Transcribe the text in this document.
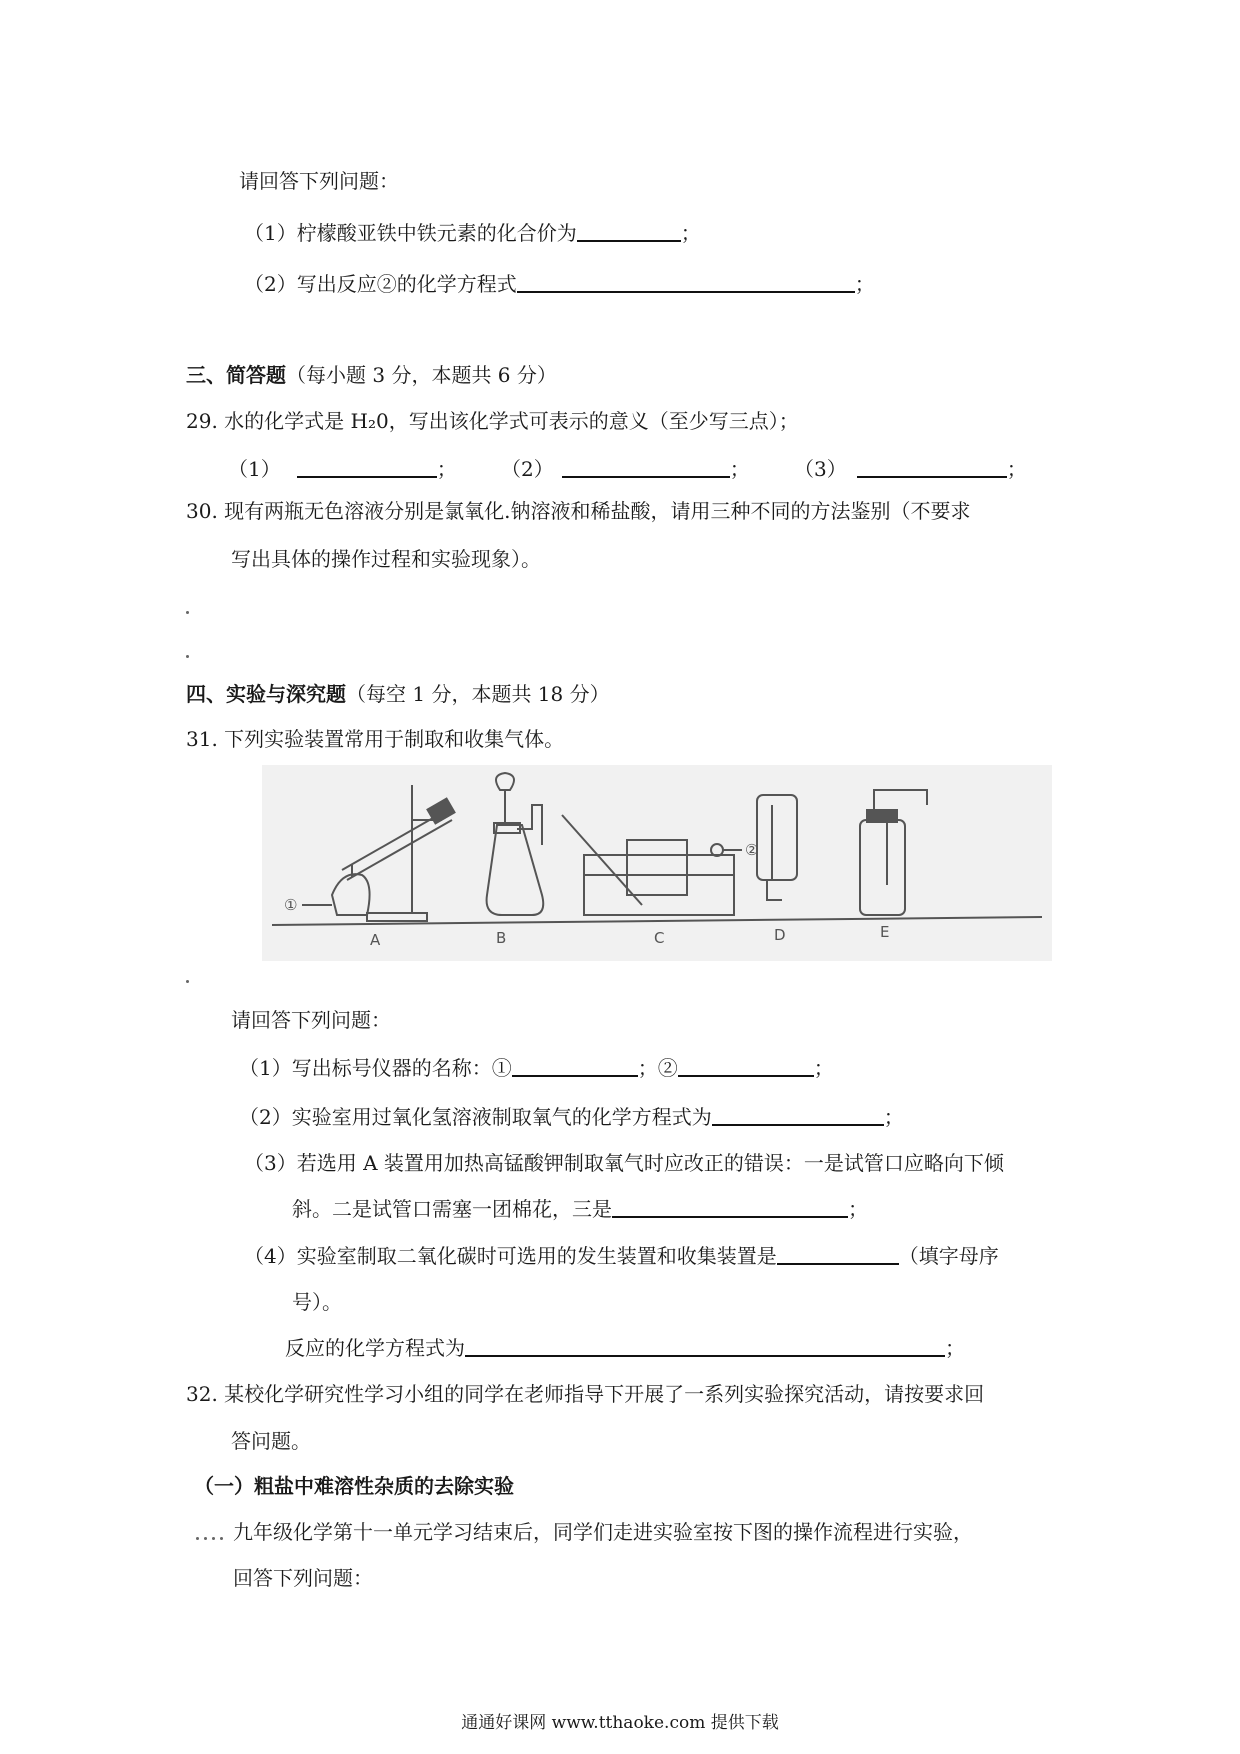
请回答下列问题：
（1）柠檬酸亚铁中铁元素的化合价为	；
（2）写出反应②的化学方程式	；
三、简答题（每小题 3 分，本题共 6 分）
29. 水的化学式是 H₂0，写出该化学式可表示的意义（至少写三点）；
（1）	； （2）	； （3）	；
30. 现有两瓶无色溶液分别是氯氧化.钠溶液和稀盐酸，请用三种不同的方法鉴别（不要求
写出具体的操作过程和实验现象）。
四、实验与深究题（每空 1 分，本题共 18 分）
31. 下列实验装置常用于制取和收集气体。
①
②
A	B	C	D	E
请回答下列问题：
（1）写出标号仪器的名称：①	；②	；
（2）实验室用过氧化氢溶液制取氧气的化学方程式为	；
（3）若选用 A 装置用加热高锰酸钾制取氧气时应改正的错误：一是试管口应略向下倾
斜。二是试管口需塞一团棉花，三是	；
（4）实验室制取二氧化碳时可选用的发生装置和收集装置是	（填字母序
号）。
反应的化学方程式为	；
32. 某校化学研究性学习小组的同学在老师指导下开展了一系列实验探究活动，请按要求回
答问题。
（一）粗盐中难溶性杂质的去除实验
九年级化学第十一单元学习结束后，同学们走进实验室按下图的操作流程进行实验，
回答下列问题：
通通好课网 www.tthaoke.com 提供下载
